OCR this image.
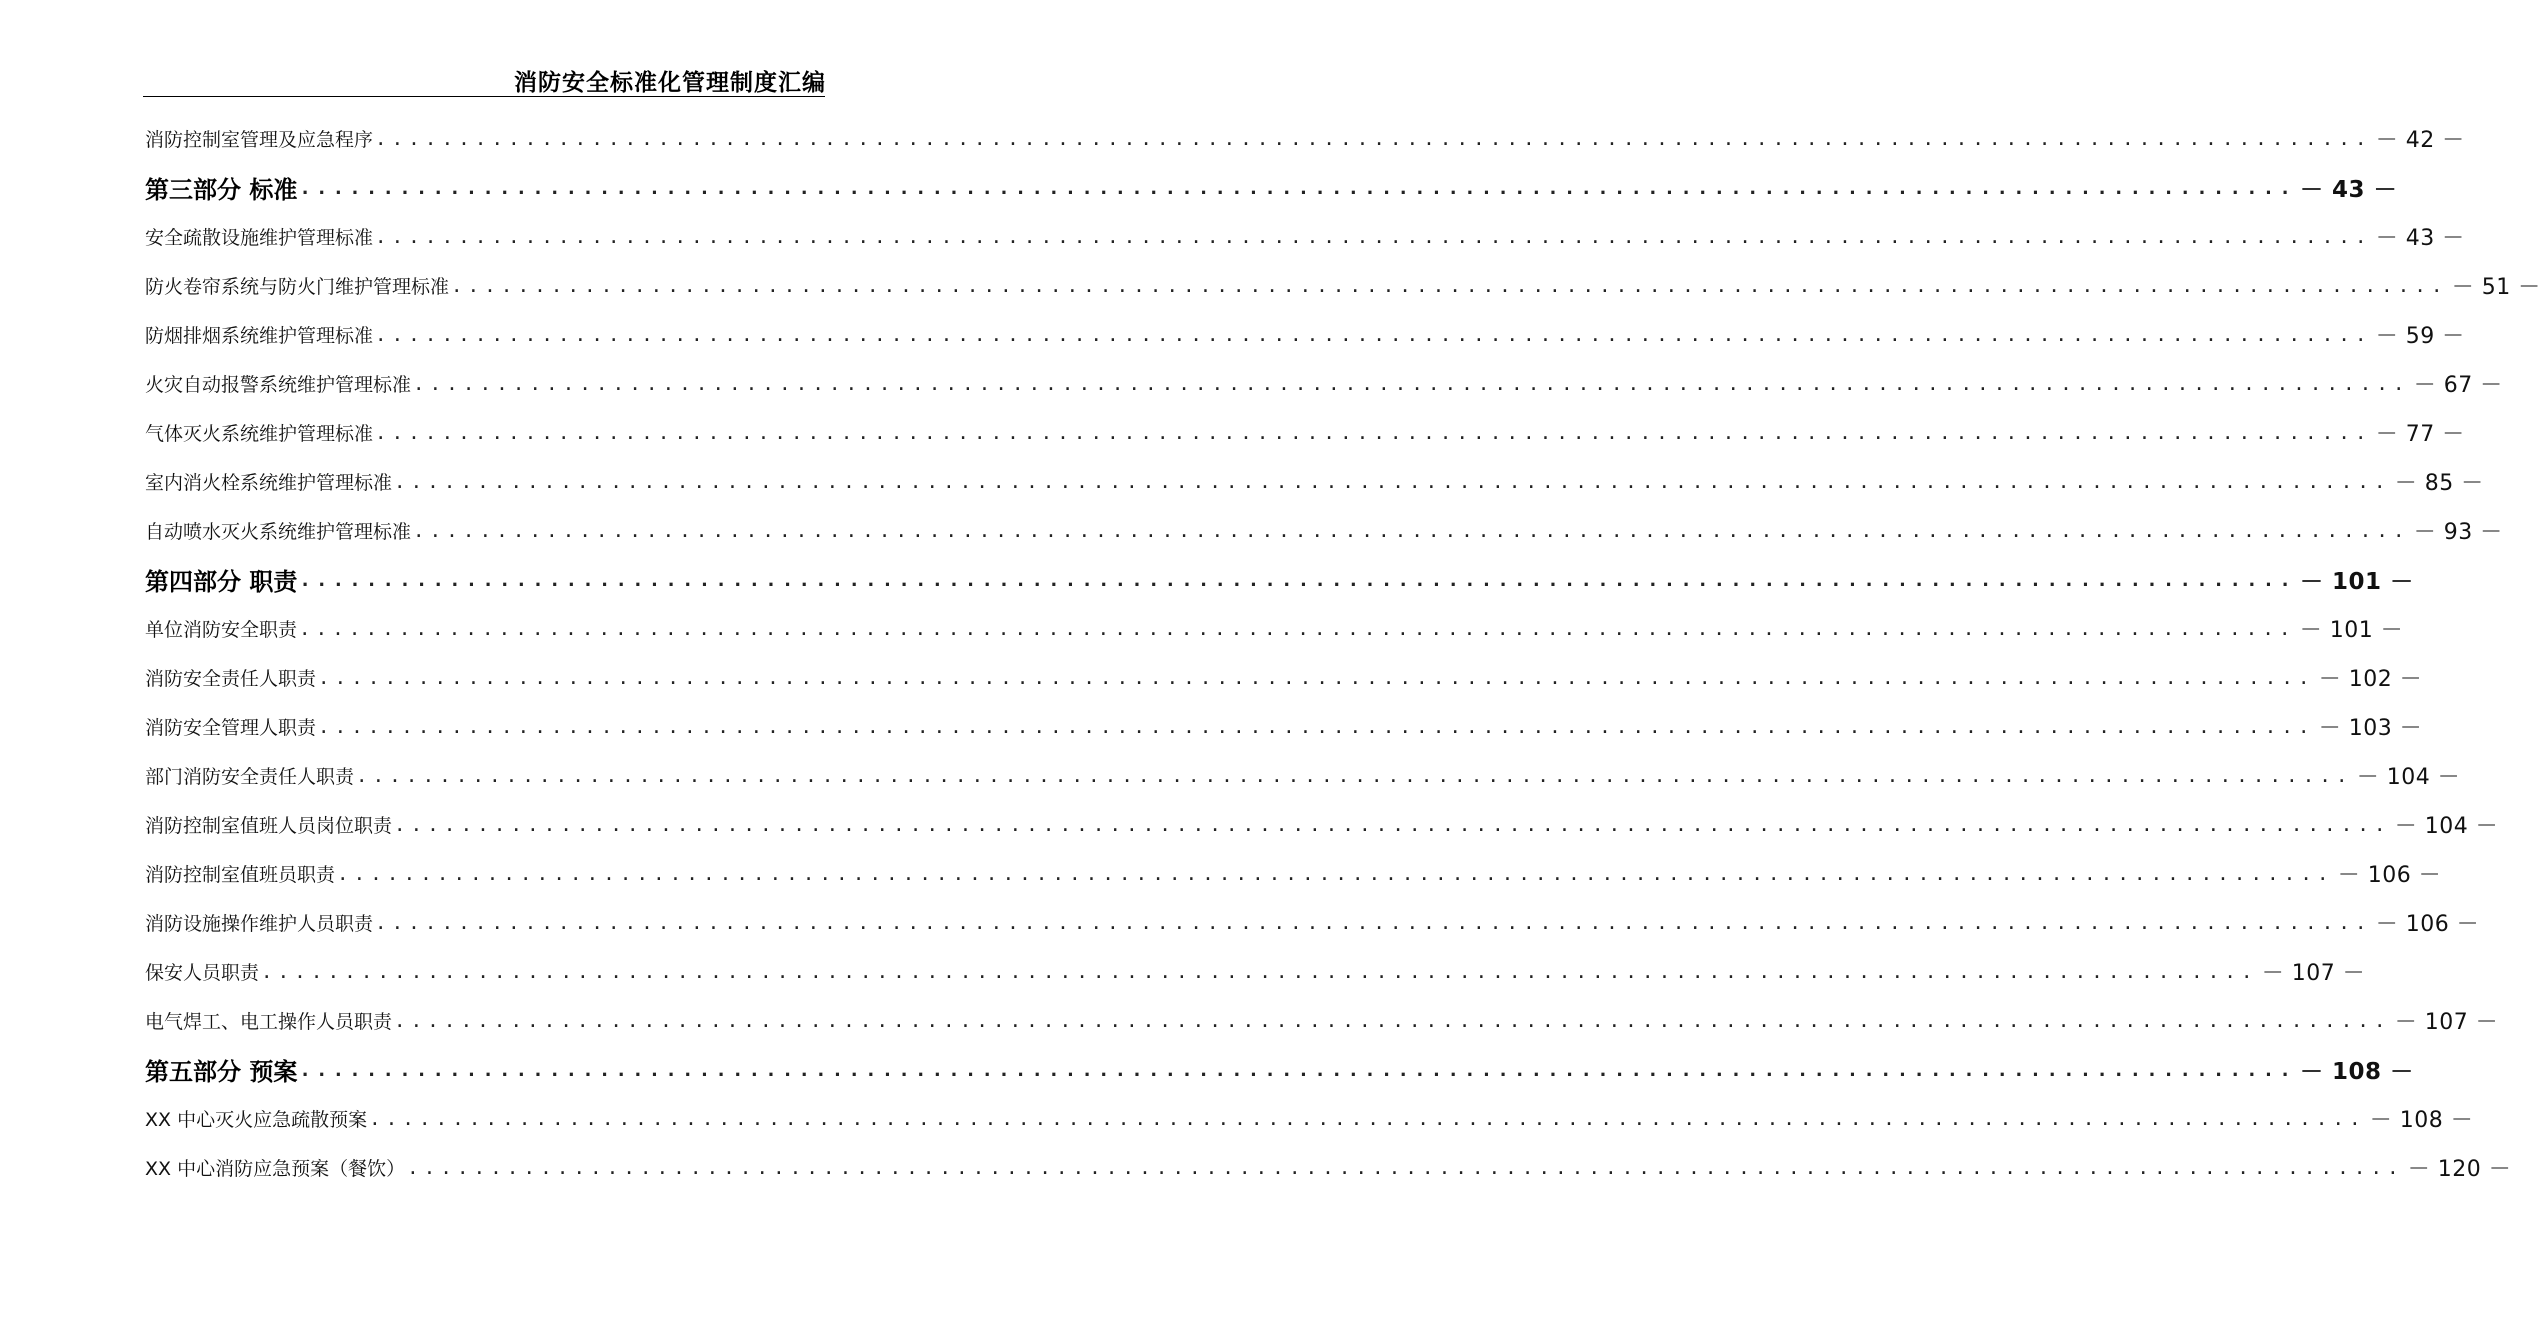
消防安全标准化管理制度汇编
消防控制室管理及应急程序 ........................................................................................................................ － 42 －
第三部分 标准 ........................................................................................................................ － 43 －
安全疏散设施维护管理标准 ........................................................................................................................ － 43 －
防火卷帘系统与防火门维护管理标准 ........................................................................................................................ － 51 －
防烟排烟系统维护管理标准 ........................................................................................................................ － 59 －
火灾自动报警系统维护管理标准 ........................................................................................................................ － 67 －
气体灭火系统维护管理标准 ........................................................................................................................ － 77 －
室内消火栓系统维护管理标准 ........................................................................................................................ － 85 －
自动喷水灭火系统维护管理标准 ........................................................................................................................ － 93 －
第四部分 职责 ........................................................................................................................ － 101 －
单位消防安全职责 ........................................................................................................................ － 101 －
消防安全责任人职责 ........................................................................................................................ － 102 －
消防安全管理人职责 ........................................................................................................................ － 103 －
部门消防安全责任人职责 ........................................................................................................................ － 104 －
消防控制室值班人员岗位职责 ........................................................................................................................ － 104 －
消防控制室值班员职责 ........................................................................................................................ － 106 －
消防设施操作维护人员职责 ........................................................................................................................ － 106 －
保安人员职责 ........................................................................................................................ － 107 －
电气焊工、电工操作人员职责 ........................................................................................................................ － 107 －
第五部分 预案 ........................................................................................................................ － 108 －
XX 中心灭火应急疏散预案 ........................................................................................................................ － 108 －
XX 中心消防应急预案（餐饮） ........................................................................................................................ － 120 －
